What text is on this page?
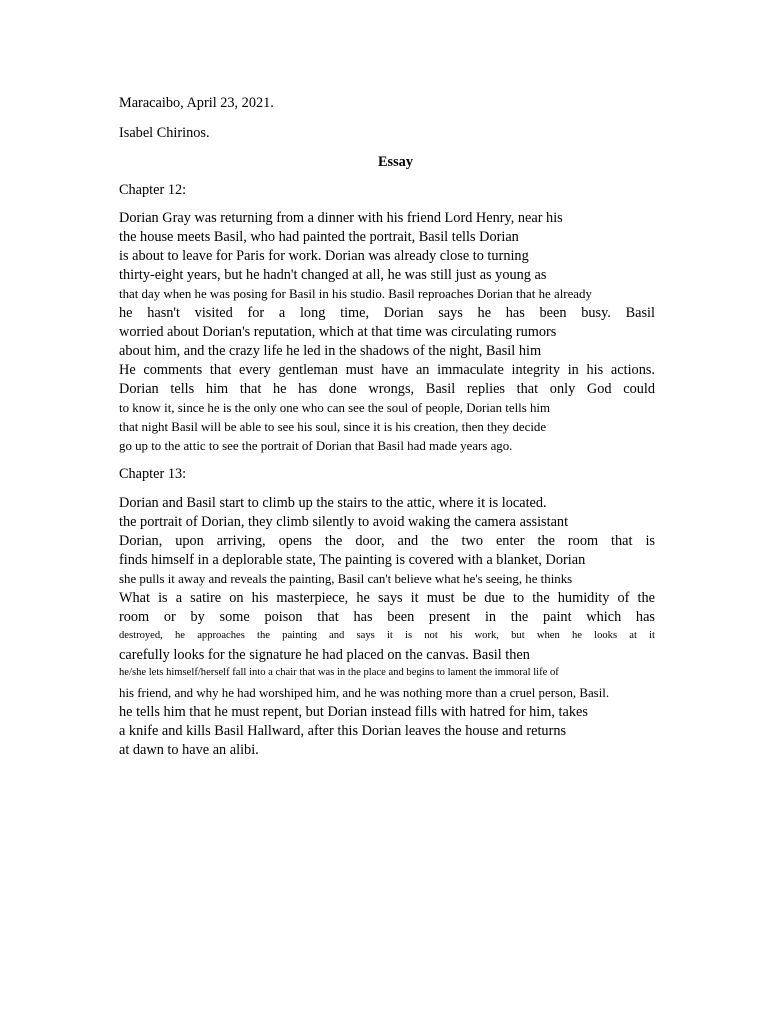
Maracaibo, April 23, 2021.
Isabel Chirinos.
Essay
Chapter 12:
Dorian Gray was returning from a dinner with his friend Lord Henry, near his
the house meets Basil, who had painted the portrait, Basil tells Dorian
is about to leave for Paris for work. Dorian was already close to turning
thirty-eight years, but he hadn't changed at all, he was still just as young as
that day when he was posing for Basil in his studio. Basil reproaches Dorian that he already
he hasn't visited for a long time, Dorian says he has been busy. Basil
worried about Dorian's reputation, which at that time was circulating rumors
about him, and the crazy life he led in the shadows of the night, Basil him
He comments that every gentleman must have an immaculate integrity in his actions.
Dorian tells him that he has done wrongs, Basil replies that only God could
to know it, since he is the only one who can see the soul of people, Dorian tells him
that night Basil will be able to see his soul, since it is his creation, then they decide
go up to the attic to see the portrait of Dorian that Basil had made years ago.
Chapter 13:
Dorian and Basil start to climb up the stairs to the attic, where it is located.
the portrait of Dorian, they climb silently to avoid waking the camera assistant
Dorian, upon arriving, opens the door, and the two enter the room that is
finds himself in a deplorable state, The painting is covered with a blanket, Dorian
she pulls it away and reveals the painting, Basil can't believe what he's seeing, he thinks
What is a satire on his masterpiece, he says it must be due to the humidity of the
room or by some poison that has been present in the paint which has
destroyed, he approaches the painting and says it is not his work, but when he looks at it
carefully looks for the signature he had placed on the canvas. Basil then
he/she lets himself/herself fall into a chair that was in the place and begins to lament the immoral life of
his friend, and why he had worshiped him, and he was nothing more than a cruel person, Basil.
he tells him that he must repent, but Dorian instead fills with hatred for him, takes
a knife and kills Basil Hallward, after this Dorian leaves the house and returns
at dawn to have an alibi.
